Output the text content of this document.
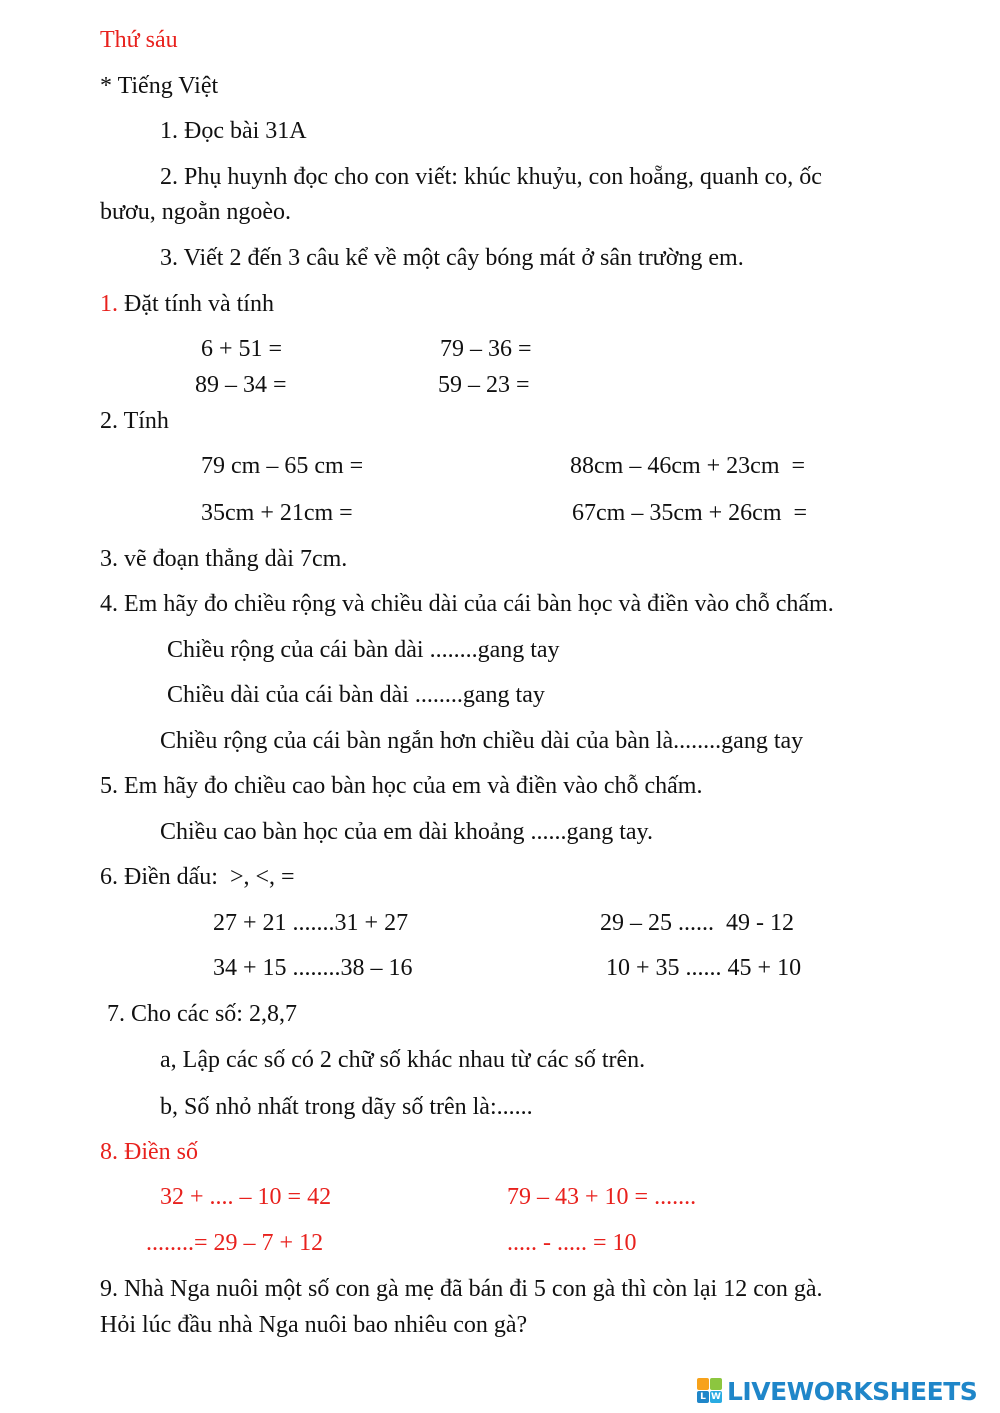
Thứ sáu
* Tiếng Việt
1. Đọc bài 31A
2. Phụ huynh đọc cho con viết: khúc khuỷu, con hoẵng, quanh co, ốc
bươu, ngoằn ngoèo.
3. Viết 2 đến 3 câu kể về một cây bóng mát ở sân trường em.
1. Đặt tính và tính
6 + 51 =	79 – 36 =
89 – 34 =	59 – 23 =
2. Tính
79 cm – 65 cm =	88cm – 46cm + 23cm  =
35cm + 21cm =	67cm – 35cm + 26cm  =
3. vẽ đoạn thẳng dài 7cm.
4. Em hãy đo chiều rộng và chiều dài của cái bàn học và điền vào chỗ chấm.
Chiều rộng của cái bàn dài ........gang tay
Chiều dài của cái bàn dài ........gang tay
Chiều rộng của cái bàn ngắn hơn chiều dài của bàn là........gang tay
5. Em hãy đo chiều cao bàn học của em và điền vào chỗ chấm.
Chiều cao bàn học của em dài khoảng ......gang tay.
6. Điền dấu:  >, <, =
27 + 21 .......31 + 27	29 – 25 ......  49 - 12
34 + 15 ........38 – 16	10 + 35 ...... 45 + 10
7. Cho các số: 2,8,7
a, Lập các số có 2 chữ số khác nhau từ các số trên.
b, Số nhỏ nhất trong dãy số trên là:......
8. Điền số
32 + .... – 10 = 42	79 – 43 + 10 = .......
........= 29 – 7 + 12	..... - ..... = 10
9. Nhà Nga nuôi một số con gà mẹ đã bán đi 5 con gà thì còn lại 12 con gà.
Hỏi lúc đầu nhà Nga nuôi bao nhiêu con gà?
L W LIVEWORKSHEETS
